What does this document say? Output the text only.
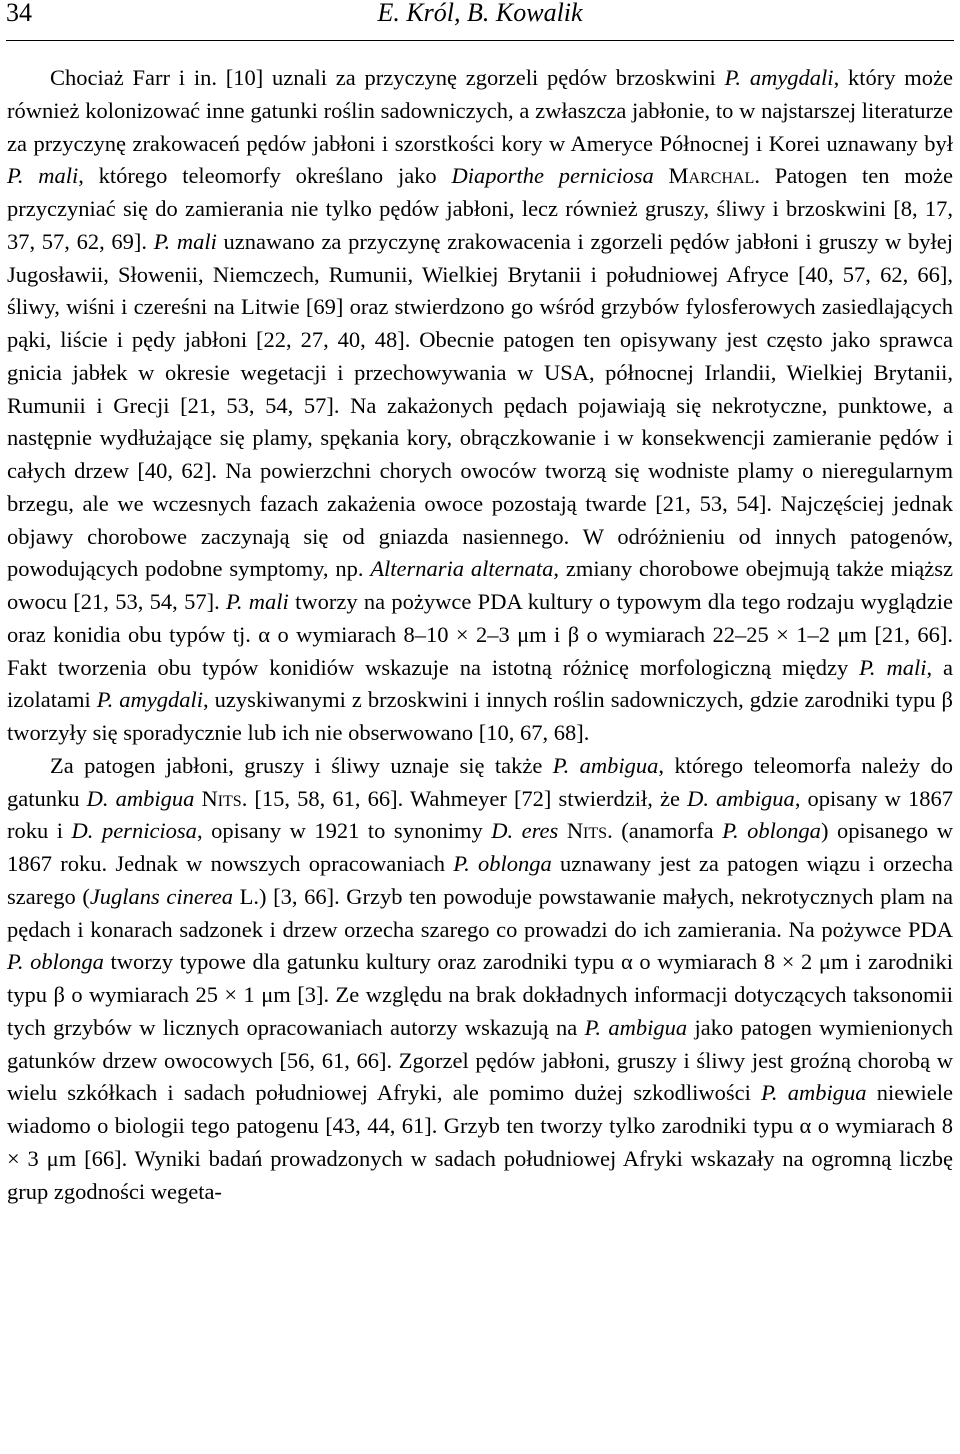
34	E. Król, B. Kowalik

Chociaż Farr i in. [10] uznali za przyczynę zgorzeli pędów brzoskwini P. amygdali, który może również kolonizować inne gatunki roślin sadowniczych, a zwłaszcza jabłonie, to w najstarszej literaturze za przyczynę zrakowaceń pędów jabłoni i szorstkości kory w Ameryce Północnej i Korei uznawany był P. mali, którego teleomorfy określano jako Diaporthe perniciosa Marchal. Patogen ten może przyczyniać się do zamierania nie tylko pędów jabłoni, lecz również gruszy, śliwy i brzoskwini [8, 17, 37, 57, 62, 69]. P. mali uznawano za przyczynę zrakowacenia i zgorzeli pędów jabłoni i gruszy w byłej Jugosławii, Słowenii, Niemczech, Rumunii, Wielkiej Brytanii i południowej Afryce [40, 57, 62, 66], śliwy, wiśni i czereśni na Litwie [69] oraz stwierdzono go wśród grzybów fylosferowych zasiedlających pąki, liście i pędy jabłoni [22, 27, 40, 48]. Obecnie patogen ten opisywany jest często jako sprawca gnicia jabłek w okresie wegetacji i przechowywania w USA, północnej Irlandii, Wielkiej Brytanii, Rumunii i Grecji [21, 53, 54, 57]. Na zakażonych pędach pojawiają się nekrotyczne, punktowe, a następnie wydłużające się plamy, spękania kory, obrączkowanie i w konsekwencji zamieranie pędów i całych drzew [40, 62]. Na powierzchni chorych owoców tworzą się wodniste plamy o nieregularnym brzegu, ale we wczesnych fazach zakażenia owoce pozostają twarde [21, 53, 54]. Najczęściej jednak objawy chorobowe zaczynają się od gniazda nasiennego. W odróżnieniu od innych patogenów, powodujących podobne symptomy, np. Alternaria alternata, zmiany chorobowe obejmują także miąższ owocu [21, 53, 54, 57]. P. mali tworzy na pożywce PDA kultury o typowym dla tego rodzaju wyglądzie oraz konidia obu typów tj. α o wymiarach 8–10 × 2–3 μm i β o wymiarach 22–25 × 1–2 μm [21, 66]. Fakt tworzenia obu typów konidiów wskazuje na istotną różnicę morfologiczną między P. mali, a izolatami P. amygdali, uzyskiwanymi z brzoskwini i innych roślin sadowniczych, gdzie zarodniki typu β tworzyły się sporadycznie lub ich nie obserwowano [10, 67, 68].

Za patogen jabłoni, gruszy i śliwy uznaje się także P. ambigua, którego teleomorfa należy do gatunku D. ambigua Nits. [15, 58, 61, 66]. Wahmeyer [72] stwierdził, że D. ambigua, opisany w 1867 roku i D. perniciosa, opisany w 1921 to synonimy D. eres Nits. (anamorfa P. oblonga) opisanego w 1867 roku. Jednak w nowszych opracowaniach P. oblonga uznawany jest za patogen wiązu i orzecha szarego (Juglans cinerea L.) [3, 66]. Grzyb ten powoduje powstawanie małych, nekrotycznych plam na pędach i konarach sadzonek i drzew orzecha szarego co prowadzi do ich zamierania. Na pożywce PDA P. oblonga tworzy typowe dla gatunku kultury oraz zarodniki typu α o wymiarach 8 × 2 μm i zarodniki typu β o wymiarach 25 × 1 μm [3]. Ze względu na brak dokładnych informacji dotyczących taksonomii tych grzybów w licznych opracowaniach autorzy wskazują na P. ambigua jako patogen wymienionych gatunków drzew owocowych [56, 61, 66]. Zgorzel pędów jabłoni, gruszy i śliwy jest groźną chorobą w wielu szkółkach i sadach południowej Afryki, ale pomimo dużej szkodliwości P. ambigua niewiele wiadomo o biologii tego patogenu [43, 44, 61]. Grzyb ten tworzy tylko zarodniki typu α o wymiarach 8 × 3 μm [66]. Wyniki badań prowadzonych w sadach południowej Afryki wskazały na ogromną liczbę grup zgodności wegeta-
